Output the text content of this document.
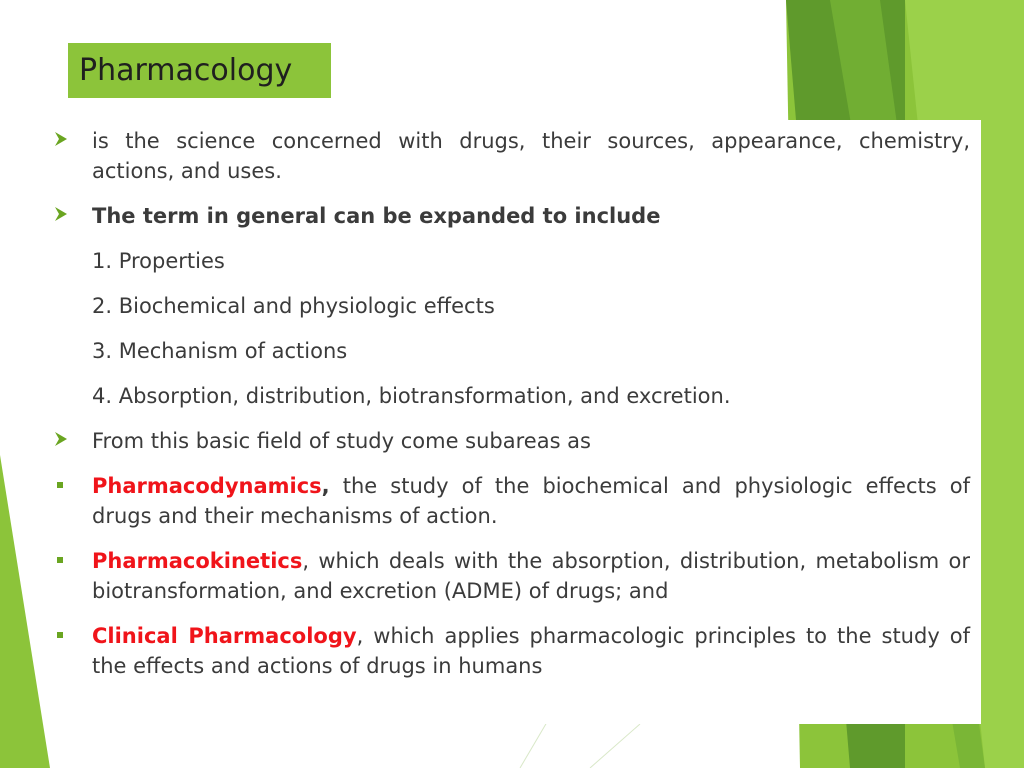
Pharmacology
is the science concerned with drugs, their sources, appearance, chemistry, actions, and uses.
The term in general can be expanded to include
1. Properties
2. Biochemical and physiologic effects
3. Mechanism of actions
4. Absorption, distribution, biotransformation, and excretion.
From this basic field of study come subareas as
Pharmacodynamics, the study of the biochemical and physiologic effects of drugs and their mechanisms of action.
Pharmacokinetics, which deals with the absorption, distribution, metabolism or biotransformation, and excretion (ADME) of drugs; and
Clinical Pharmacology, which applies pharmacologic principles to the study of the effects and actions of drugs in humans
